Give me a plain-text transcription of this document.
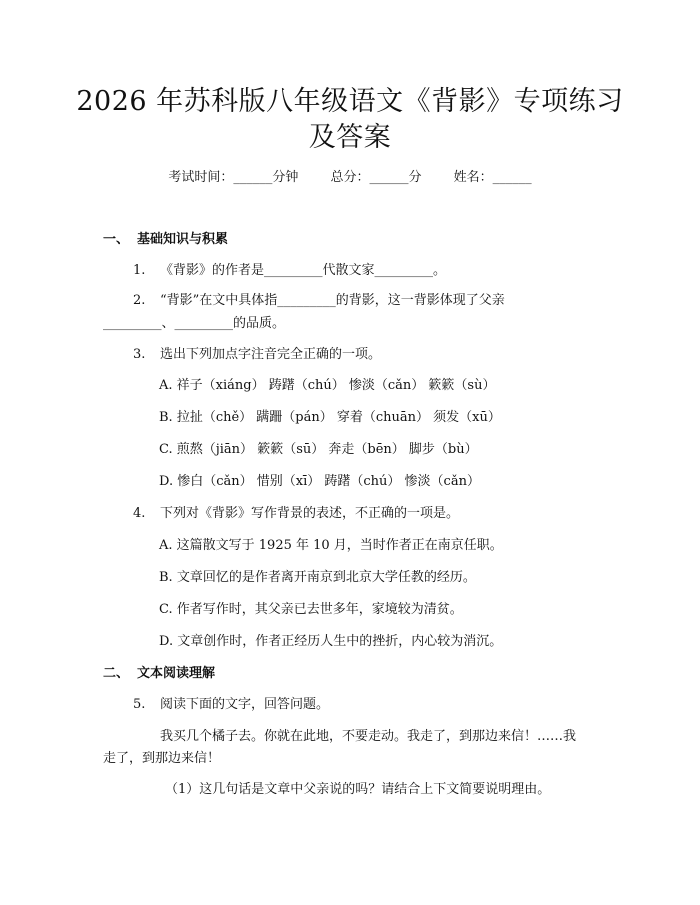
2026 年苏科版八年级语文《背影》专项练习
及答案
考试时间：______分钟 总分：______分 姓名：______
一、 基础知识与积累
1. 《背影》的作者是_________代散文家_________。
2. “背影”在文中具体指_________的背影，这一背影体现了父亲
_________、_________的品质。
3. 选出下列加点字注音完全正确的一项。
A. 祥子（xiáng） 踌躇（chú） 惨淡（cǎn） 簌簌（sù）
B. 拉扯（chě） 蹒跚（pán） 穿着（chuān） 须发（xū）
C. 煎熬（jiān） 簌簌（sū） 奔走（bēn） 脚步（bù）
D. 惨白（cǎn） 惜别（xī） 踌躇（chú） 惨淡（cǎn）
4. 下列对《背影》写作背景的表述，不正确的一项是。
A. 这篇散文写于 1925 年 10 月，当时作者正在南京任职。
B. 文章回忆的是作者离开南京到北京大学任教的经历。
C. 作者写作时，其父亲已去世多年，家境较为清贫。
D. 文章创作时，作者正经历人生中的挫折，内心较为消沉。
二、 文本阅读理解
5. 阅读下面的文字，回答问题。
我买几个橘子去。你就在此地，不要走动。我走了，到那边来信！……我
走了，到那边来信！
（1）这几句话是文章中父亲说的吗？请结合上下文简要说明理由。
